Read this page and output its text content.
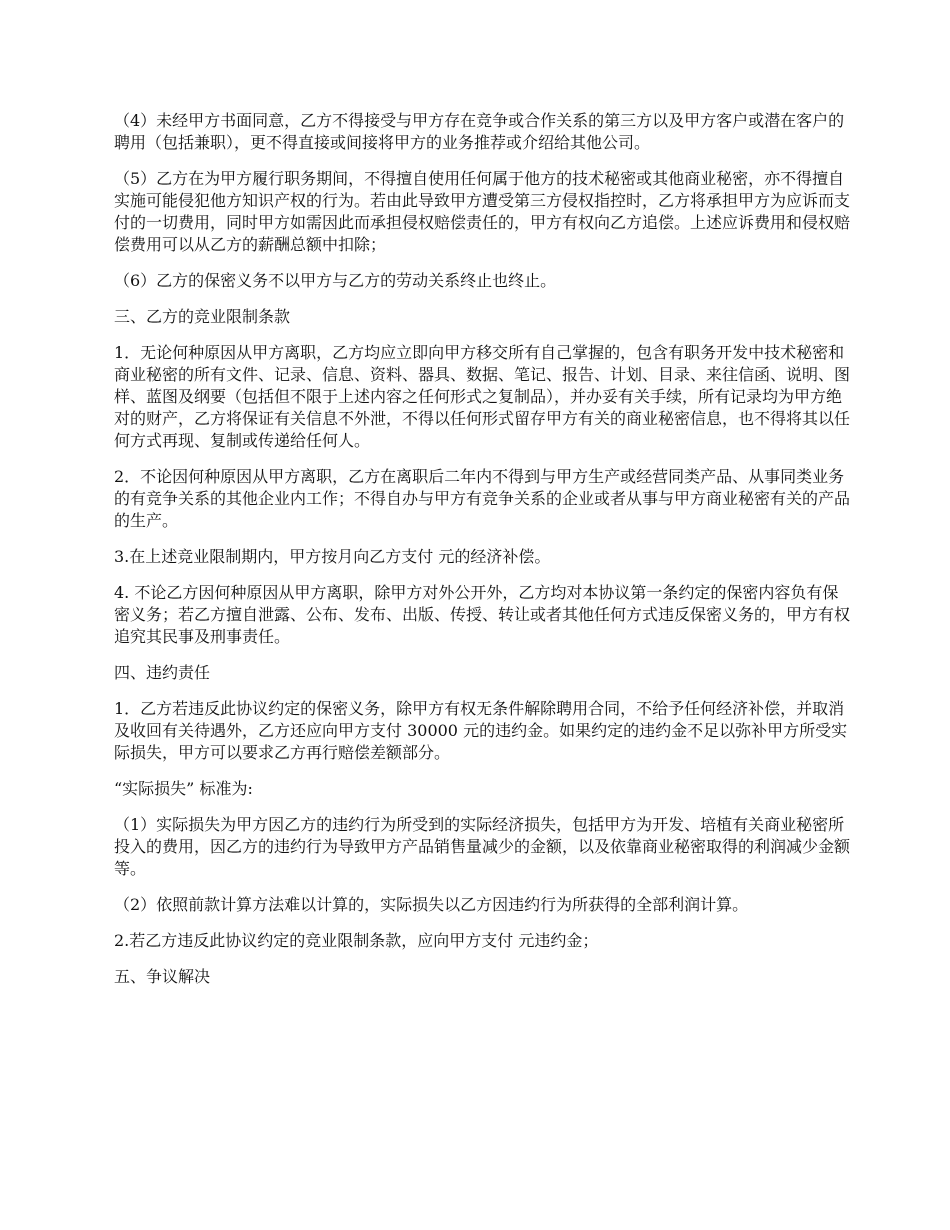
（4）未经甲方书面同意，乙方不得接受与甲方存在竞争或合作关系的第三方以及甲方客户或潜在客户的聘用（包括兼职），更不得直接或间接将甲方的业务推荐或介绍给其他公司。

（5）乙方在为甲方履行职务期间，不得擅自使用任何属于他方的技术秘密或其他商业秘密，亦不得擅自实施可能侵犯他方知识产权的行为。若由此导致甲方遭受第三方侵权指控时，乙方将承担甲方为应诉而支付的一切费用，同时甲方如需因此而承担侵权赔偿责任的，甲方有权向乙方追偿。上述应诉费用和侵权赔偿费用可以从乙方的薪酬总额中扣除；

（6）乙方的保密义务不以甲方与乙方的劳动关系终止也终止。

三、乙方的竞业限制条款

1．无论何种原因从甲方离职，乙方均应立即向甲方移交所有自己掌握的，包含有职务开发中技术秘密和商业秘密的所有文件、记录、信息、资料、器具、数据、笔记、报告、计划、目录、来往信函、说明、图样、蓝图及纲要（包括但不限于上述内容之任何形式之复制品），并办妥有关手续，所有记录均为甲方绝对的财产，乙方将保证有关信息不外泄，不得以任何形式留存甲方有关的商业秘密信息，也不得将其以任何方式再现、复制或传递给任何人。

2．不论因何种原因从甲方离职，乙方在离职后二年内不得到与甲方生产或经营同类产品、从事同类业务的有竞争关系的其他企业内工作；不得自办与甲方有竞争关系的企业或者从事与甲方商业秘密有关的产品的生产。

3.在上述竞业限制期内，甲方按月向乙方支付 元的经济补偿。

4. 不论乙方因何种原因从甲方离职，除甲方对外公开外，乙方均对本协议第一条约定的保密内容负有保密义务；若乙方擅自泄露、公布、发布、出版、传授、转让或者其他任何方式违反保密义务的，甲方有权追究其民事及刑事责任。

四、违约责任

1．乙方若违反此协议约定的保密义务，除甲方有权无条件解除聘用合同，不给予任何经济补偿，并取消及收回有关待遇外，乙方还应向甲方支付 30000 元的违约金。如果约定的违约金不足以弥补甲方所受实际损失，甲方可以要求乙方再行赔偿差额部分。

“实际损失” 标准为:

（1）实际损失为甲方因乙方的违约行为所受到的实际经济损失，包括甲方为开发、培植有关商业秘密所投入的费用，因乙方的违约行为导致甲方产品销售量减少的金额，以及依靠商业秘密取得的利润减少金额等。

（2）依照前款计算方法难以计算的，实际损失以乙方因违约行为所获得的全部利润计算。

2.若乙方违反此协议约定的竞业限制条款，应向甲方支付 元违约金；

五、争议解决
